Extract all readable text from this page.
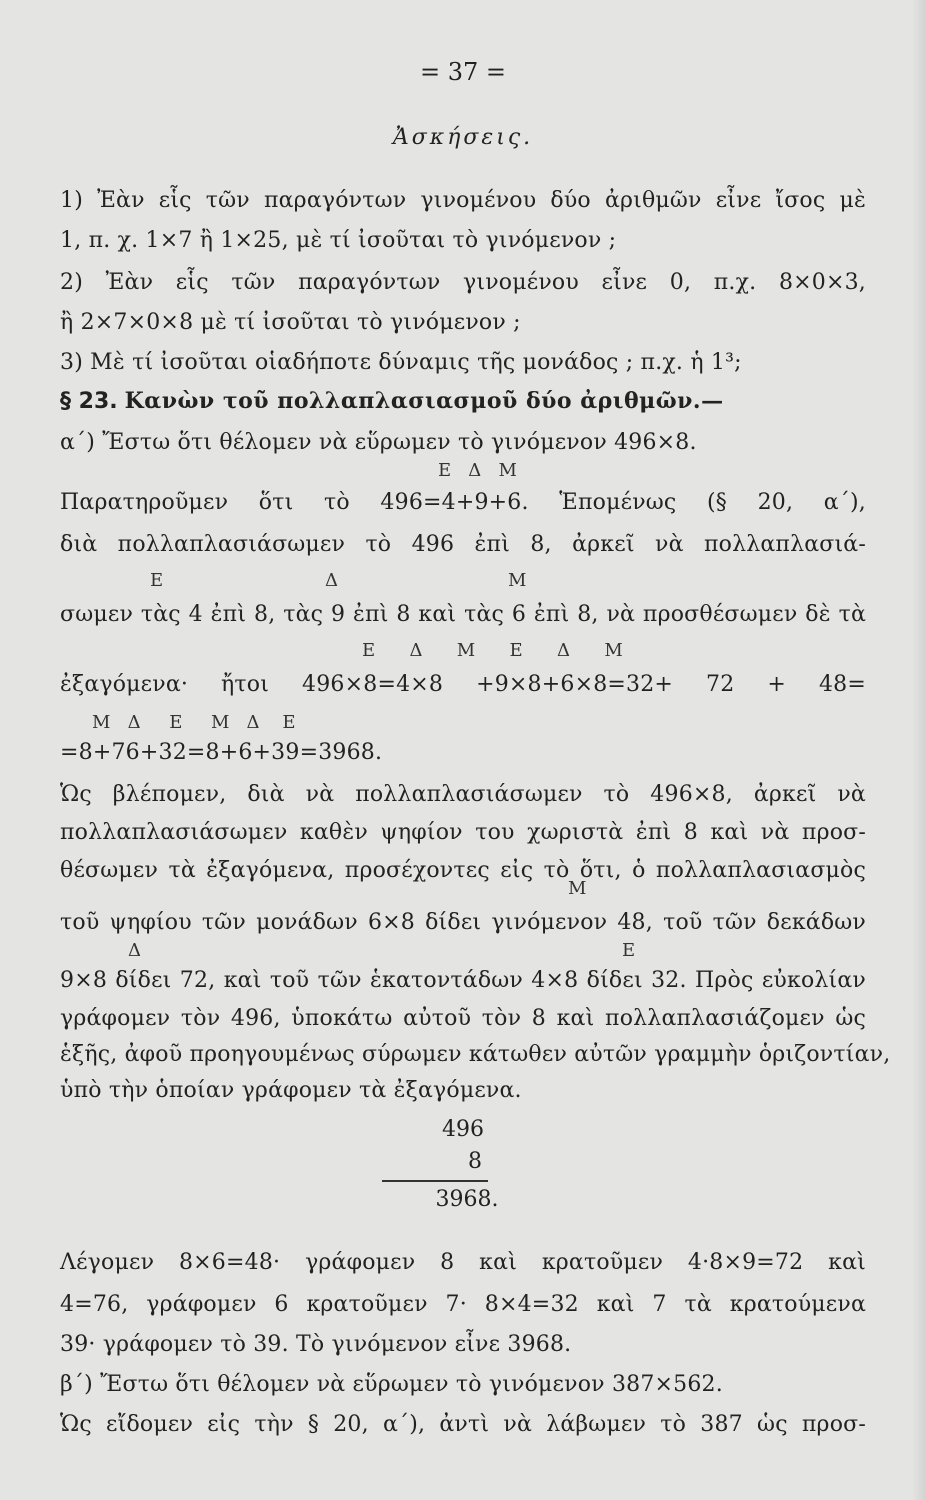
= 37 =
Ἀσκήσεις.
1) Ἐὰν εἷς τῶν παραγόντων γινομένου δύο ἀριθμῶν εἶνε ἴσος μὲ
1, π. χ. 1×7 ἢ 1×25, μὲ τί ἰσοῦται τὸ γινόμενον ;
2) Ἐὰν εἷς τῶν παραγόντων γινομένου εἶνε 0, π.χ. 8×0×3,
ἢ 2×7×0×8 μὲ τί ἰσοῦται τὸ γινόμενον ;
3) Μὲ τί ἰσοῦται οἱαδήποτε δύναμις τῆς μονάδος ; π.χ. ἡ 1³;
§ 23. Κανὼν τοῦ πολλαπλασιασμοῦ δύο ἀριθμῶν.—
α΄) Ἔστω ὅτι θέλομεν νὰ εὕρωμεν τὸ γινόμενον 496×8.
Ε   Δ   Μ
Παρατηροῦμεν ὅτι τὸ 496=4+9+6. Ἑπομένως (§ 20, α΄),
διὰ πολλαπλασιάσωμεν τὸ 496 ἐπὶ 8, ἀρκεῖ νὰ πολλαπλασιά-
Ε	Δ	Μ
σωμεν τὰς 4 ἐπὶ 8, τὰς 9 ἐπὶ 8 καὶ τὰς 6 ἐπὶ 8, νὰ προσθέσωμεν δὲ τὰ
Ε      Δ      Μ      Ε      Δ      Μ
ἐξαγόμενα· ἤτοι 496×8=4×8 +9×8+6×8=32+ 72 + 48=
Μ   Δ     Ε     Μ   Δ    Ε
=8+76+32=8+6+39=3968.
Ὡς βλέπομεν, διὰ νὰ πολλαπλασιάσωμεν τὸ 496×8, ἀρκεῖ νὰ
πολλαπλασιάσωμεν καθὲν ψηφίον του χωριστὰ ἐπὶ 8 καὶ νὰ προσ-
θέσωμεν τὰ ἐξαγόμενα, προσέχοντες εἰς τὸ ὅτι, ὁ πολλαπλασιασμὸς
Μ
τοῦ ψηφίου τῶν μονάδων 6×8 δίδει γινόμενον 48, τοῦ τῶν δεκάδων
Δ	Ε
9×8 δίδει 72, καὶ τοῦ τῶν ἑκατοντάδων 4×8 δίδει 32. Πρὸς εὐκολίαν
γράφομεν τὸν 496, ὑποκάτω αὐτοῦ τὸν 8 καὶ πολλαπλασιάζομεν ὡς
ἑξῆς, ἀφοῦ προηγουμένως σύρωμεν κάτωθεν αὐτῶν γραμμὴν ὁριζοντίαν,
ὑπὸ τὴν ὁποίαν γράφομεν τὰ ἐξαγόμενα.
496
8
3968.
Λέγομεν 8×6=48· γράφομεν 8 καὶ κρατοῦμεν 4·8×9=72 καὶ
4=76, γράφομεν 6 κρατοῦμεν 7· 8×4=32 καὶ 7 τὰ κρατούμενα
39· γράφομεν τὸ 39. Τὸ γινόμενον εἶνε 3968.
β΄) Ἔστω ὅτι θέλομεν νὰ εὕρωμεν τὸ γινόμενον 387×562.
Ὡς εἴδομεν εἰς τὴν § 20, α΄), ἀντὶ νὰ λάβωμεν τὸ 387 ὡς προσ-
